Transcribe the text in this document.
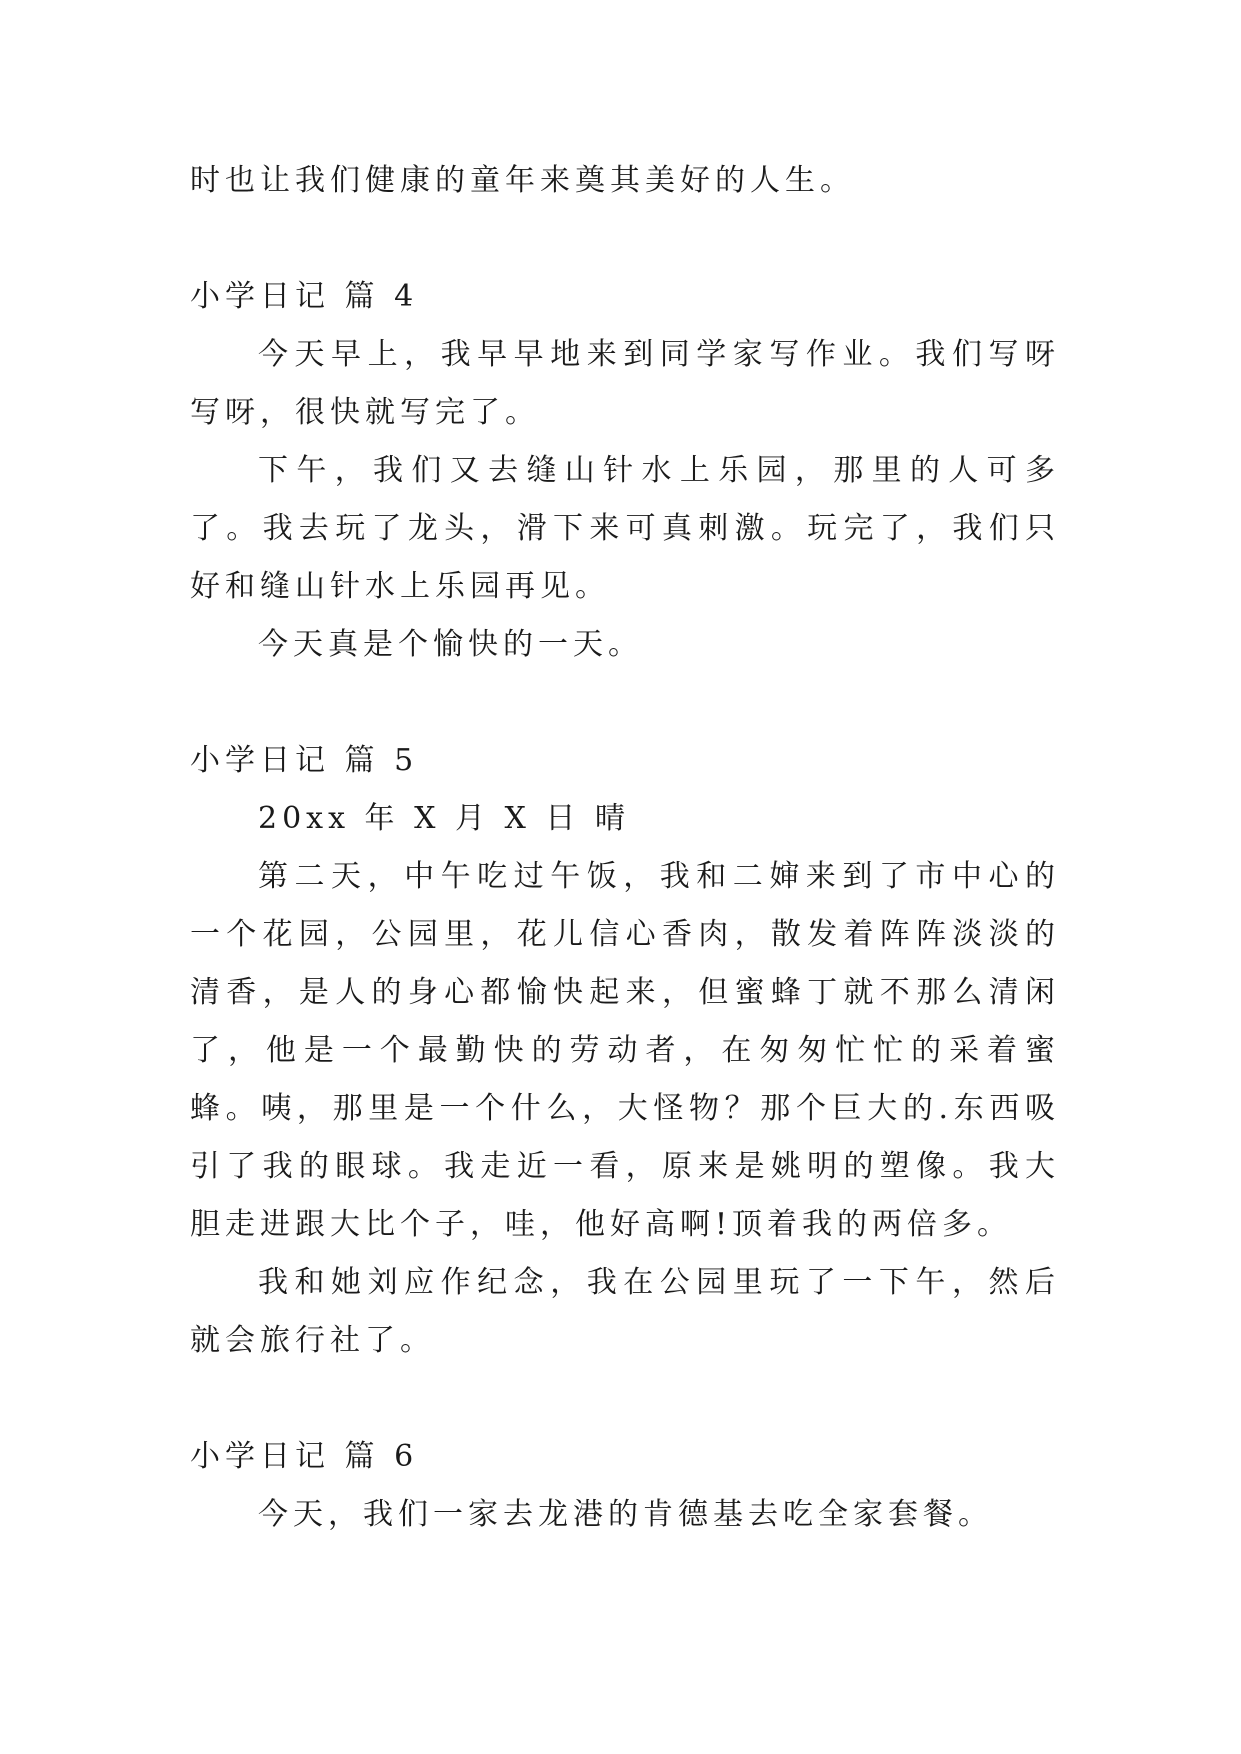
时也让我们健康的童年来奠其美好的人生。

小学日记 篇 4

今天早上，我早早地来到同学家写作业。我们写呀写呀，很快就写完了。

下午，我们又去缝山针水上乐园，那里的人可多了。我去玩了龙头，滑下来可真刺激。玩完了，我们只好和缝山针水上乐园再见。

今天真是个愉快的一天。

小学日记 篇 5

20xx 年 X 月 X 日 晴

第二天，中午吃过午饭，我和二婶来到了市中心的一个花园，公园里，花儿信心香肉，散发着阵阵淡淡的清香，是人的身心都愉快起来，但蜜蜂丁就不那么清闲了，他是一个最勤快的劳动者，在匆匆忙忙的采着蜜蜂。咦，那里是一个什么，大怪物？那个巨大的.东西吸引了我的眼球。我走近一看，原来是姚明的塑像。我大胆走进跟大比个子，哇，他好高啊!顶着我的两倍多。

我和她刘应作纪念，我在公园里玩了一下午，然后就会旅行社了。

小学日记 篇 6

今天，我们一家去龙港的肯德基去吃全家套餐。
